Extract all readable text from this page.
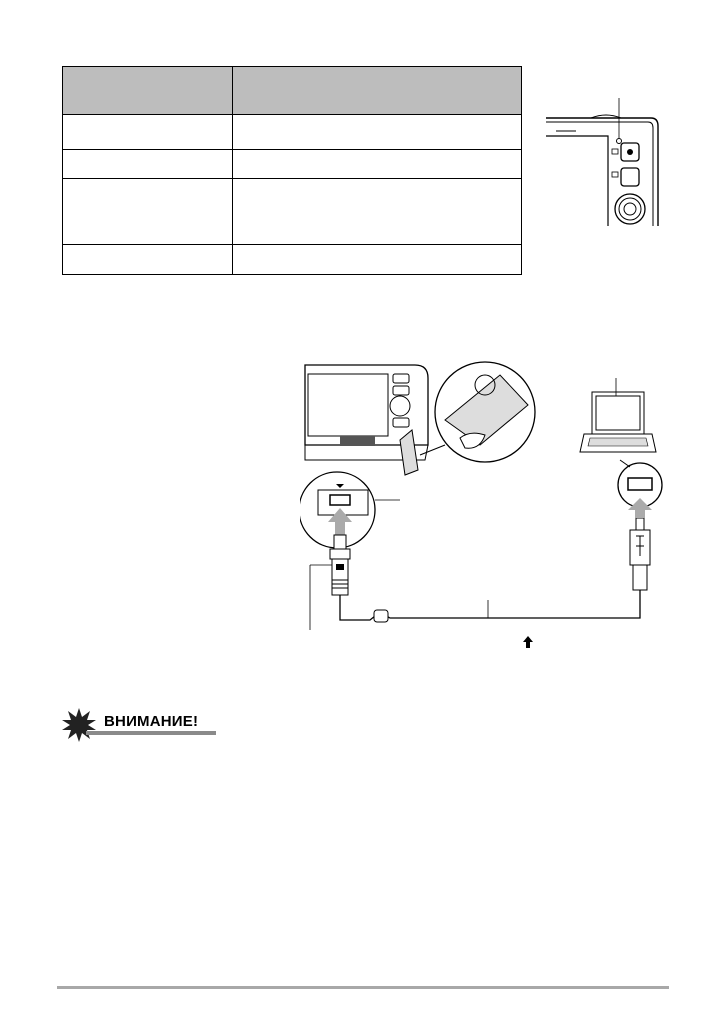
ВНИМАНИЕ!
